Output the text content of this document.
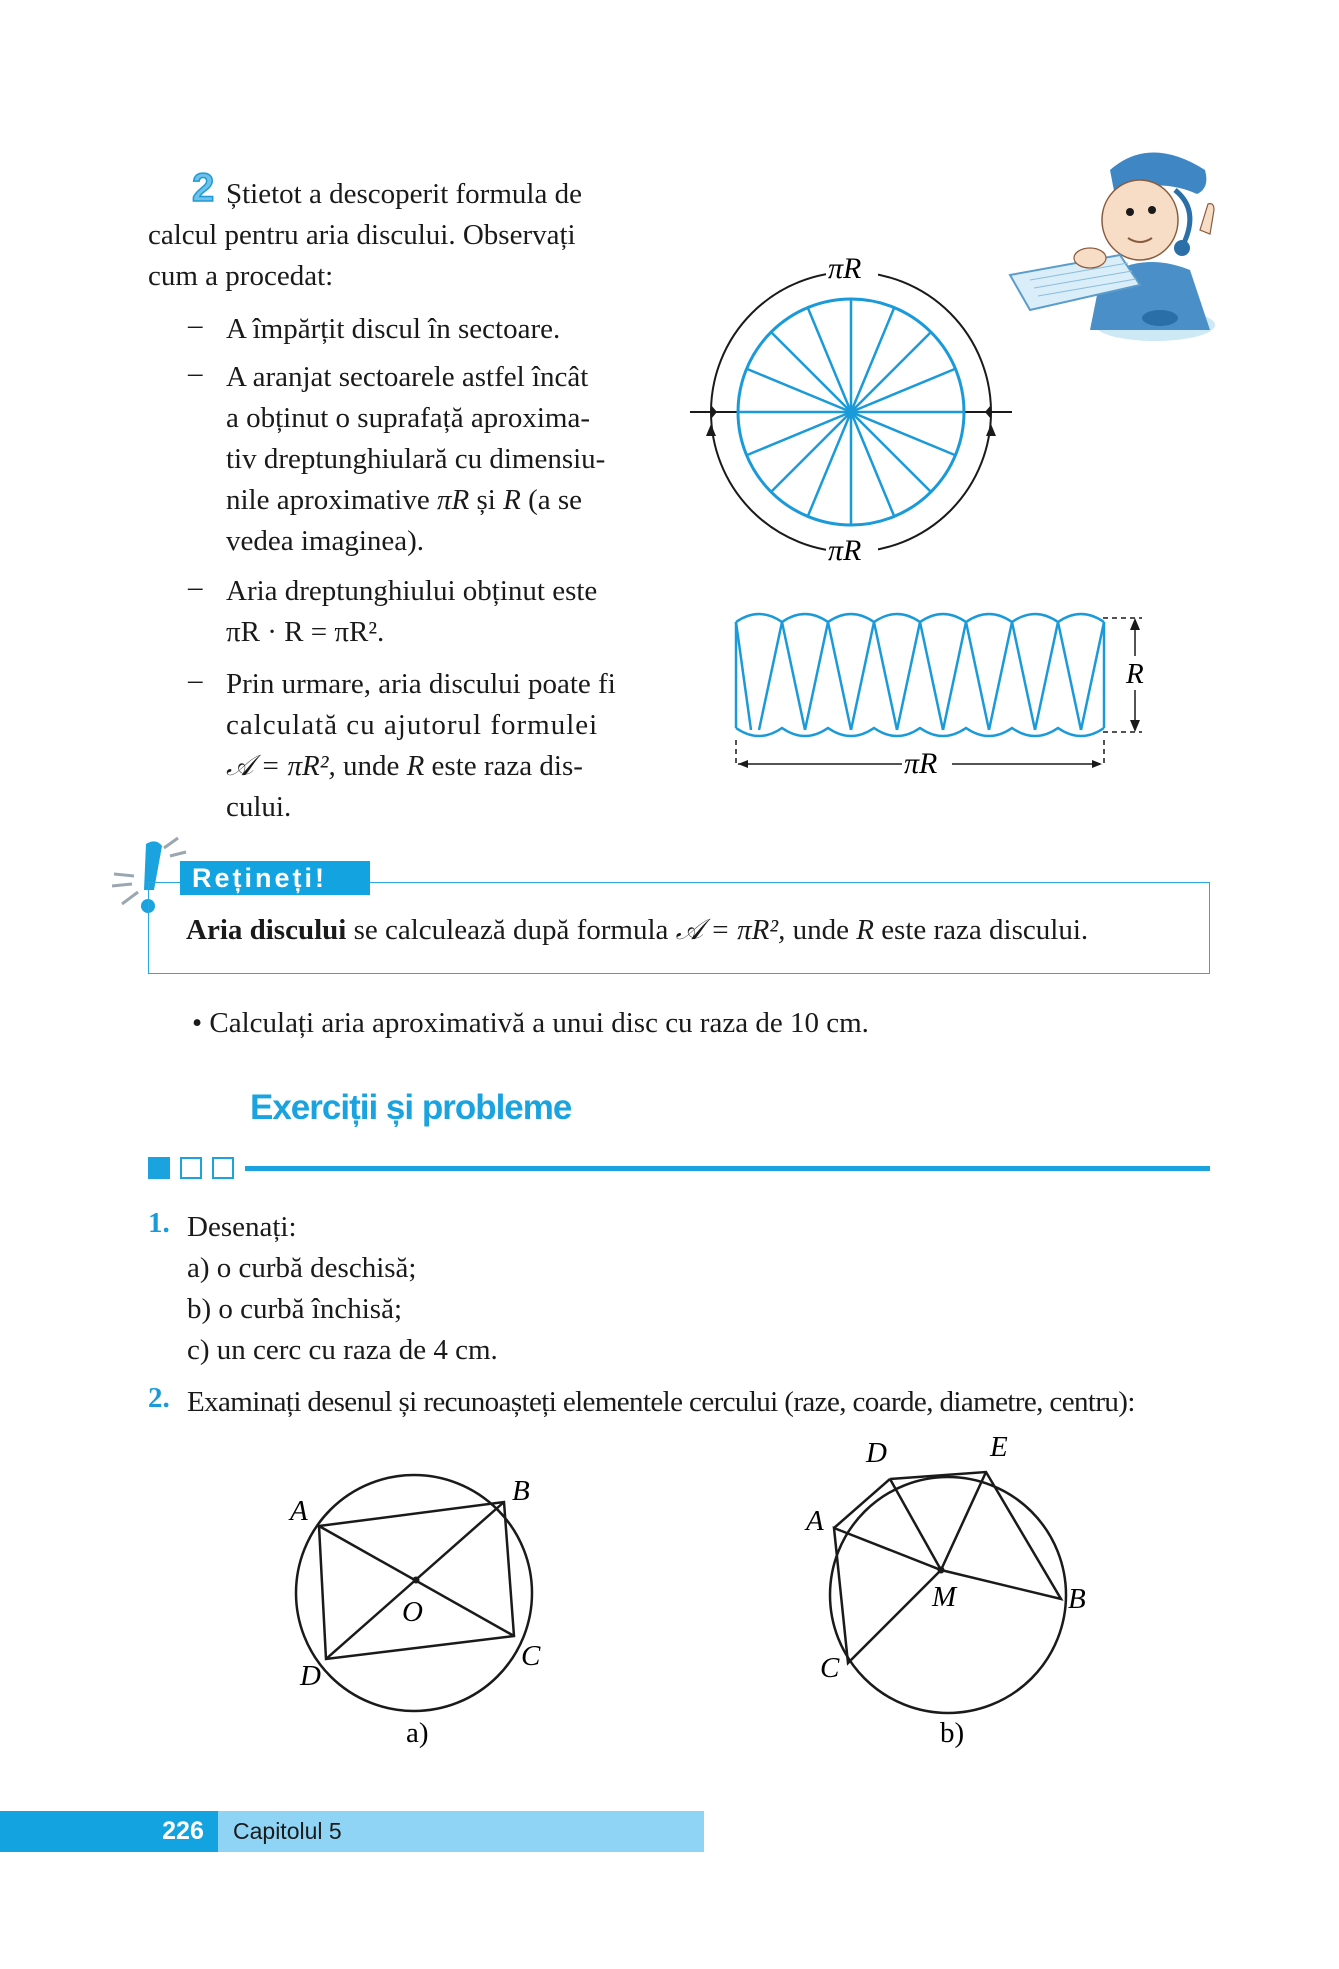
2 Știetot a descoperit formula de
calcul pentru aria discului. Observați
cum a procedat:
– A împărțit discul în sectoare.
– A aranjat sectoarele astfel încât
a obținut o suprafață aproxima-
tiv dreptunghiulară cu dimensiu-
nile aproximative πR și R (a se
vedea imaginea).
– Aria dreptunghiului obținut este
πR · R = πR².
– Prin urmare, aria discului poate fi
calculată cu ajutorul formulei
𝒜 = πR², unde R este raza dis-
cului.
πR
πR
R
πR
Rețineți!
Aria discului se calculează după formula 𝒜 = πR², unde R este raza discului.
• Calculați aria aproximativă a unui disc cu raza de 10 cm.
Exerciții și probleme
1. Desenați:
a) o curbă deschisă;
b) o curbă închisă;
c) un cerc cu raza de 4 cm.
2. Examinați desenul și recunoașteți elementele cercului (raze, coarde, diametre, centru):
A
B
C
D
O
a)
D	E
A
B
C
M
b)
226	Capitolul 5
